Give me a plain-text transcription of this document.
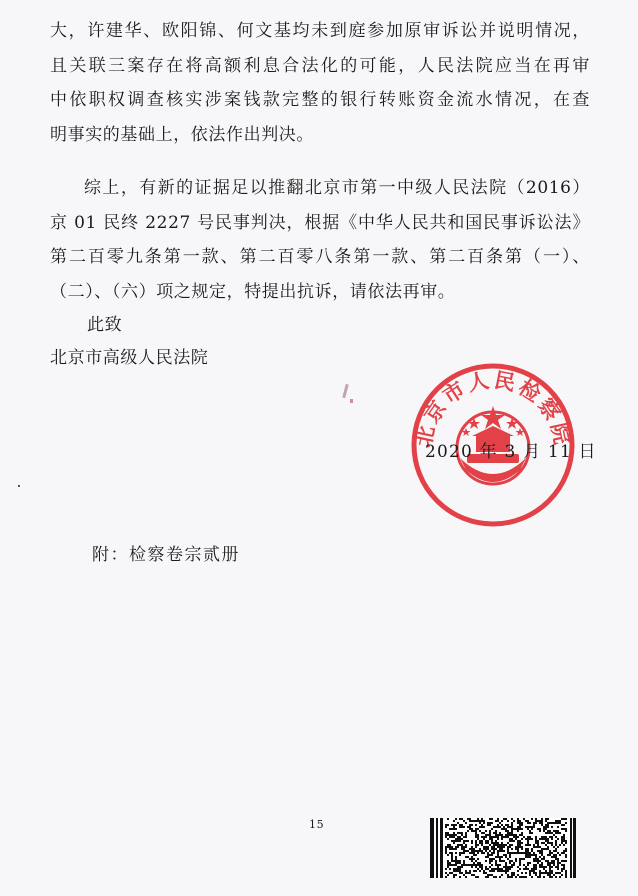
大，许建华、欧阳锦、何文基均未到庭参加原审诉讼并说明情况，
且关联三案存在将高额利息合法化的可能，人民法院应当在再审
中依职权调查核实涉案钱款完整的银行转账资金流水情况，在查
明事实的基础上，依法作出判决。
综上，有新的证据足以推翻北京市第一中级人民法院（2016）
京 01 民终 2227 号民事判决，根据《中华人民共和国民事诉讼法》
第二百零九条第一款、第二百零八条第一款、第二百条第（一）、
（二）、（六）项之规定，特提出抗诉，请依法再审。
此致
北京市高级人民法院
北京市人民检察院
2020 年 3 月 11 日
附：检察卷宗贰册
15
